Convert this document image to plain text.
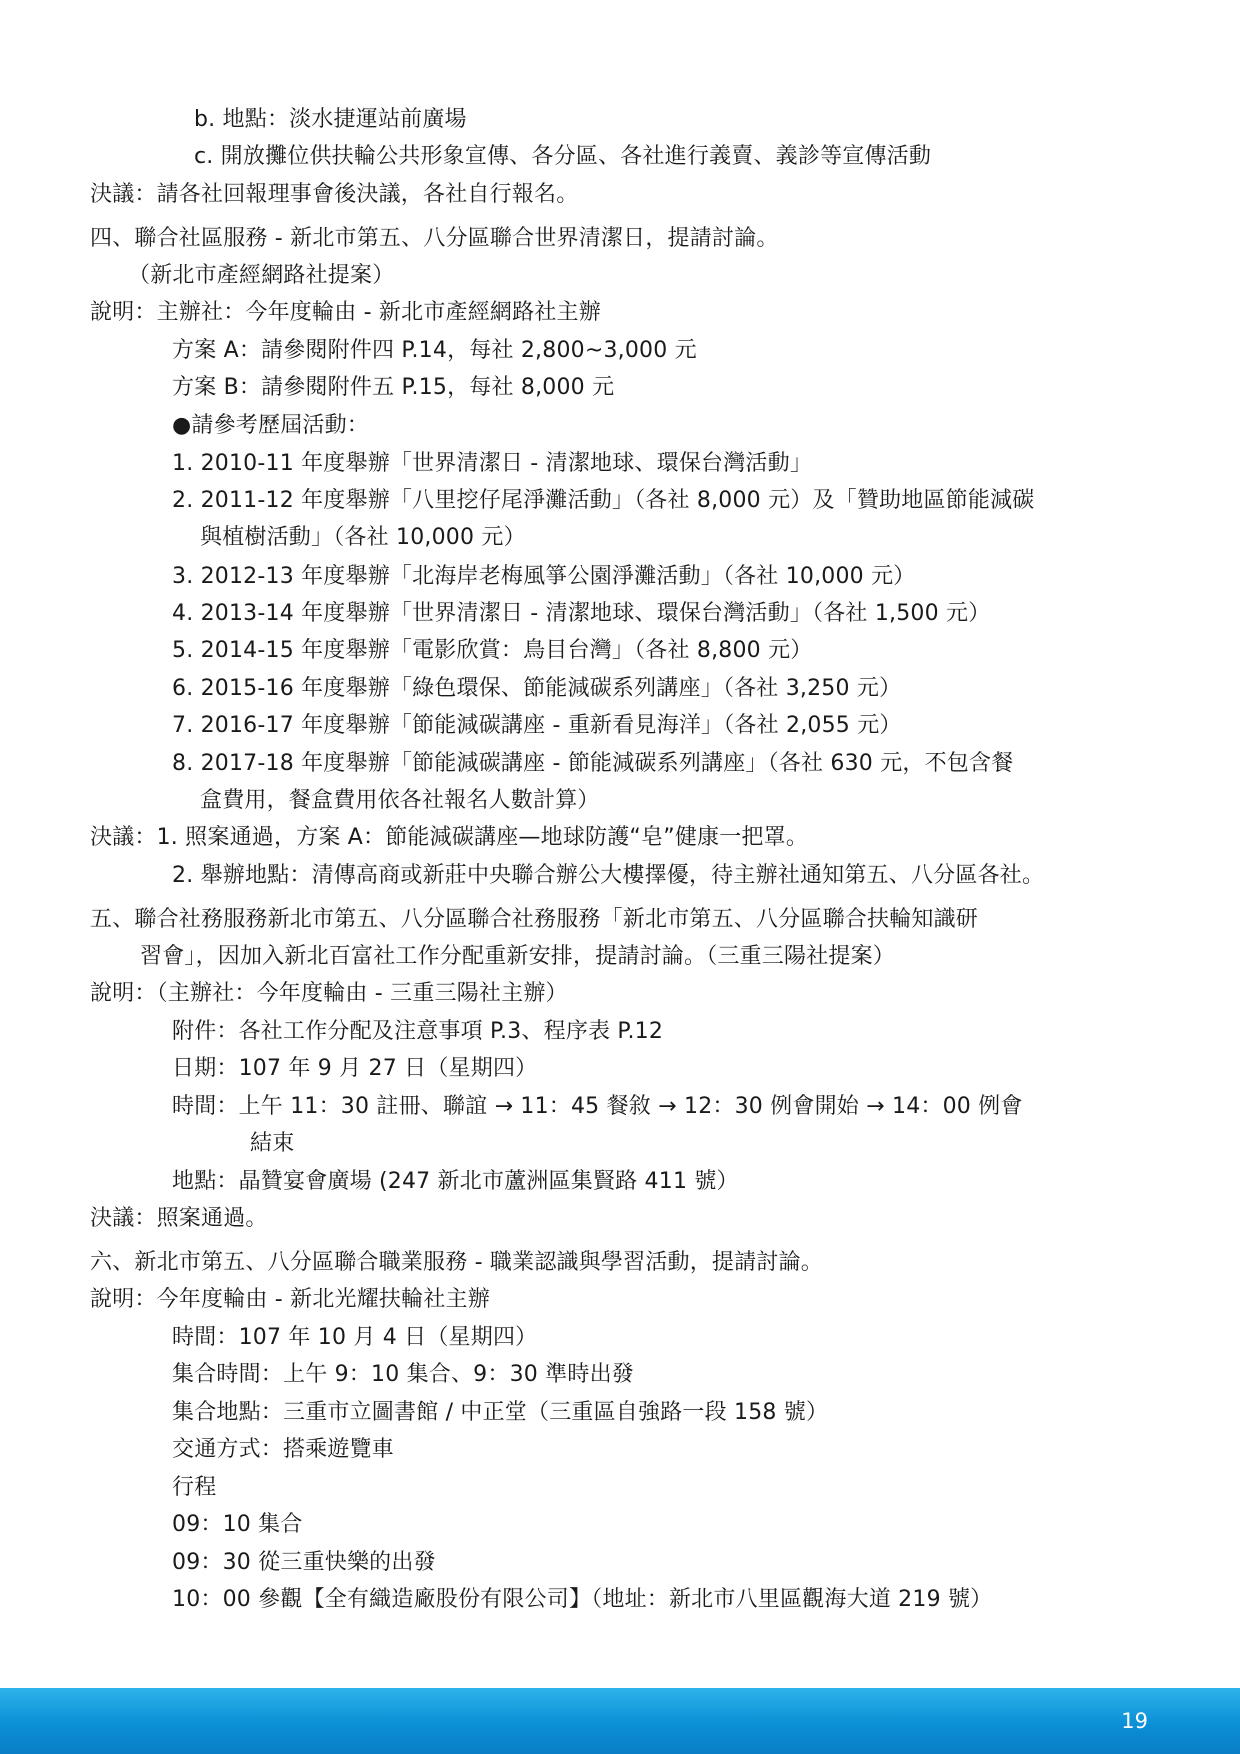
b. 地點：淡水捷運站前廣場
c. 開放攤位供扶輪公共形象宣傳、各分區、各社進行義賣、義診等宣傳活動
決議：請各社回報理事會後決議，各社自行報名。
四、聯合社區服務 - 新北市第五、八分區聯合世界清潔日，提請討論。
（新北市產經網路社提案）
說明：主辦社：今年度輪由 - 新北市產經網路社主辦
方案 A：請參閱附件四 P.14，每社 2,800~3,000 元
方案 B：請參閱附件五 P.15，每社 8,000 元
●請參考歷屆活動：
1. 2010-11 年度舉辦「世界清潔日 - 清潔地球、環保台灣活動」
2. 2011-12 年度舉辦「八里挖仔尾淨灘活動」（各社 8,000 元）及「贊助地區節能減碳
與植樹活動」（各社 10,000 元）
3. 2012-13 年度舉辦「北海岸老梅風箏公園淨灘活動」（各社 10,000 元）
4. 2013-14 年度舉辦「世界清潔日 - 清潔地球、環保台灣活動」（各社 1,500 元）
5. 2014-15 年度舉辦「電影欣賞：鳥目台灣」（各社 8,800 元）
6. 2015-16 年度舉辦「綠色環保、節能減碳系列講座」（各社 3,250 元）
7. 2016-17 年度舉辦「節能減碳講座 - 重新看見海洋」（各社 2,055 元）
8. 2017-18 年度舉辦「節能減碳講座 - 節能減碳系列講座」（各社 630 元，不包含餐
盒費用，餐盒費用依各社報名人數計算）
決議：1. 照案通過，方案 A：節能減碳講座—地球防護“皂”健康一把罩。
2. 舉辦地點：清傳高商或新莊中央聯合辦公大樓擇優，待主辦社通知第五、八分區各社。
五、聯合社務服務新北市第五、八分區聯合社務服務「新北市第五、八分區聯合扶輪知識研
習會」，因加入新北百富社工作分配重新安排，提請討論。（三重三陽社提案）
說明：（主辦社：今年度輪由 - 三重三陽社主辦）
附件：各社工作分配及注意事項 P.3、程序表 P.12
日期：107 年 9 月 27 日（星期四）
時間：上午 11：30 註冊、聯誼 → 11：45 餐敘 → 12：30 例會開始 → 14：00 例會
結束
地點：晶贊宴會廣場 (247 新北市蘆洲區集賢路 411 號）
決議：照案通過。
六、新北市第五、八分區聯合職業服務 - 職業認識與學習活動，提請討論。
說明：今年度輪由 - 新北光耀扶輪社主辦
時間：107 年 10 月 4 日（星期四）
集合時間：上午 9：10 集合、9：30 準時出發
集合地點：三重市立圖書館 / 中正堂（三重區自強路一段 158 號）
交通方式：搭乘遊覽車
行程
09：10 集合
09：30 從三重快樂的出發
10：00 參觀【全有織造廠股份有限公司】（地址：新北市八里區觀海大道 219 號）
19
